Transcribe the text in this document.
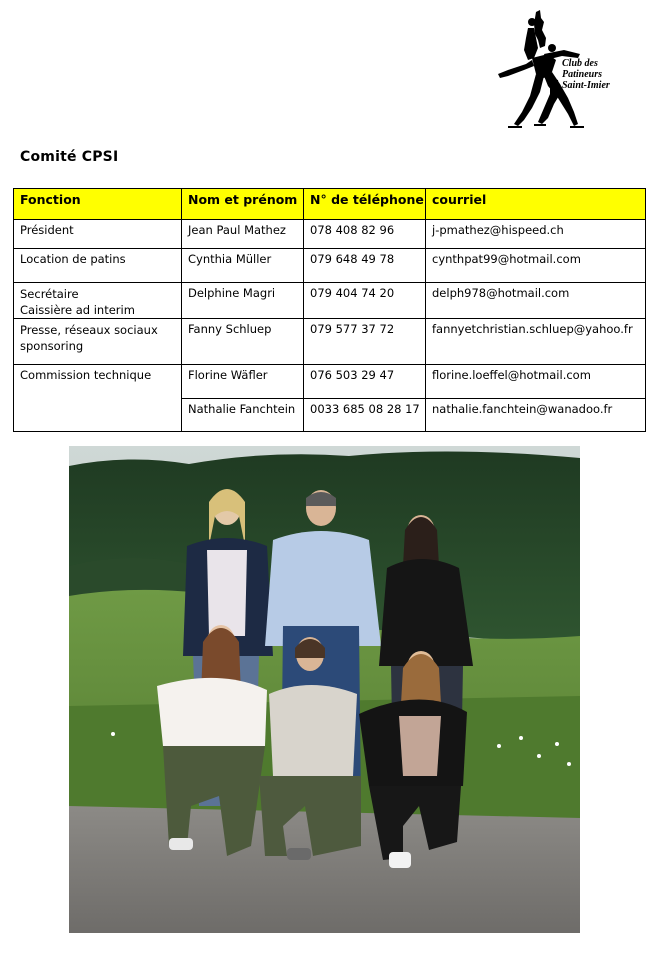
Club des
Patineurs
Saint-Imier
Comité CPSI
Fonction	Nom et prénom	N° de téléphone	courriel
Président	Jean Paul Mathez	078 408 82 96	j-pmathez@hispeed.ch
Location de patins	Cynthia Müller	079 648 49 78	cynthpat99@hotmail.com

Secrétaire
Caissière ad interim	Delphine Magri	079 404 74 20	delph978@hotmail.com

Presse, réseaux sociaux
sponsoring	Fanny Schluep	079 577 37 72	fannyetchristian.schluep@yahoo.fr
Commission technique	Florine Wäfler	076 503 29 47	florine.loeffel@hotmail.com
	Nathalie Fanchtein	0033 685 08 28 17	nathalie.fanchtein@wanadoo.fr
